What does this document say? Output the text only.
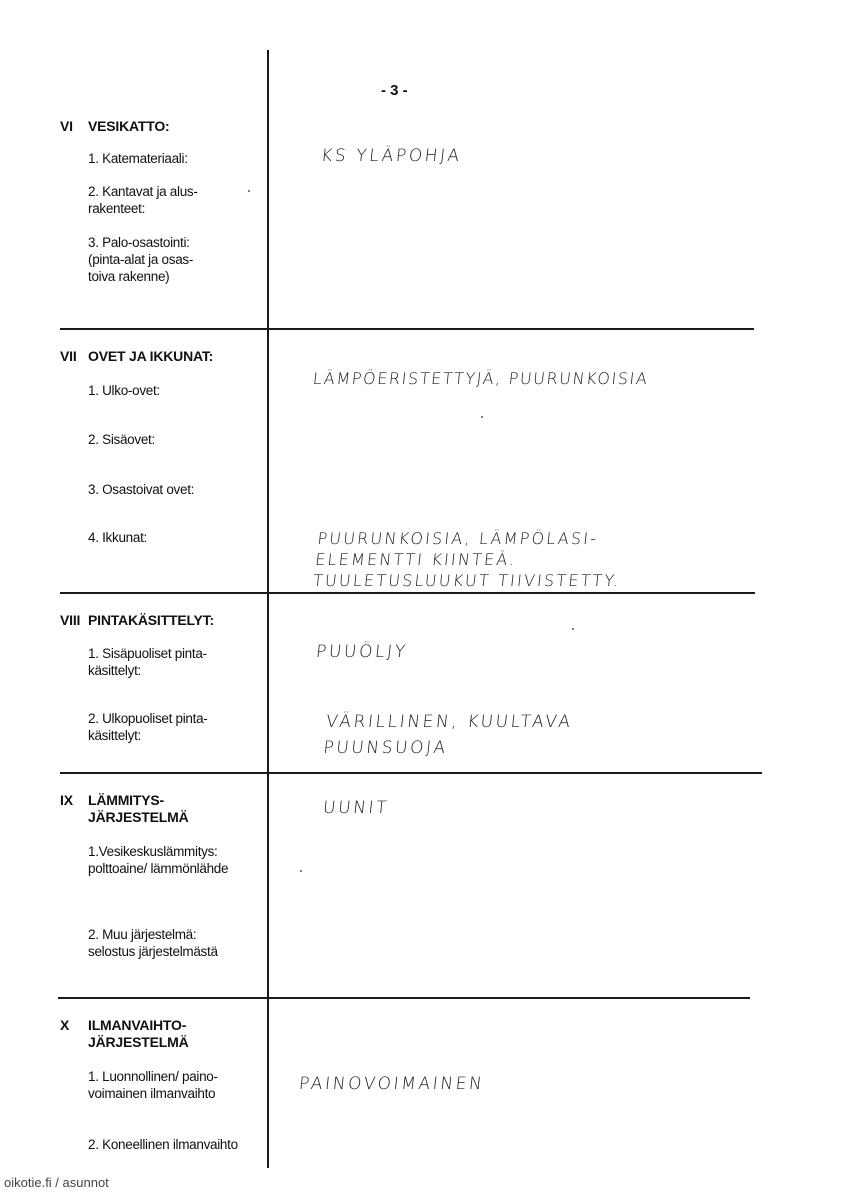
- 3 -
VI VESIKATTO:
1. Katemateriaali:
2. Kantavat ja alus-
rakenteet:
3. Palo-osastointi:
(pinta-alat ja osas-
toiva rakenne)
KS YLÄPOHJA
VII OVET JA IKKUNAT:
1. Ulko-ovet:
2. Sisäovet:
3. Osastoivat ovet:
4. Ikkunat:
LÄMPÖERISTETTYJÄ, PUURUNKOISIA
PUURUNKOISIA, LÄMPÖLASI-
ELEMENTTI KIINTEÄ.
TUULETUSLUUKUT TIIVISTETTY.
VIII PINTAKÄSITTELYT:
1. Sisäpuoliset pinta-
käsittelyt:
2. Ulkopuoliset pinta-
käsittelyt:
PUUÖLJY
VÄRILLINEN, KUULTAVA
PUUNSUOJA
IX LÄMMITYS-
JÄRJESTELMÄ
1.Vesikeskuslämmitys:
polttoaine/ lämmönlähde
2. Muu järjestelmä:
selostus järjestelmästä
UUNIT
X ILMANVAIHTO-
JÄRJESTELMÄ
1. Luonnollinen/ paino-
voimainen ilmanvaihto
2. Koneellinen ilmanvaihto
PAINOVOIMAINEN
oikotie.fi / asunnot
